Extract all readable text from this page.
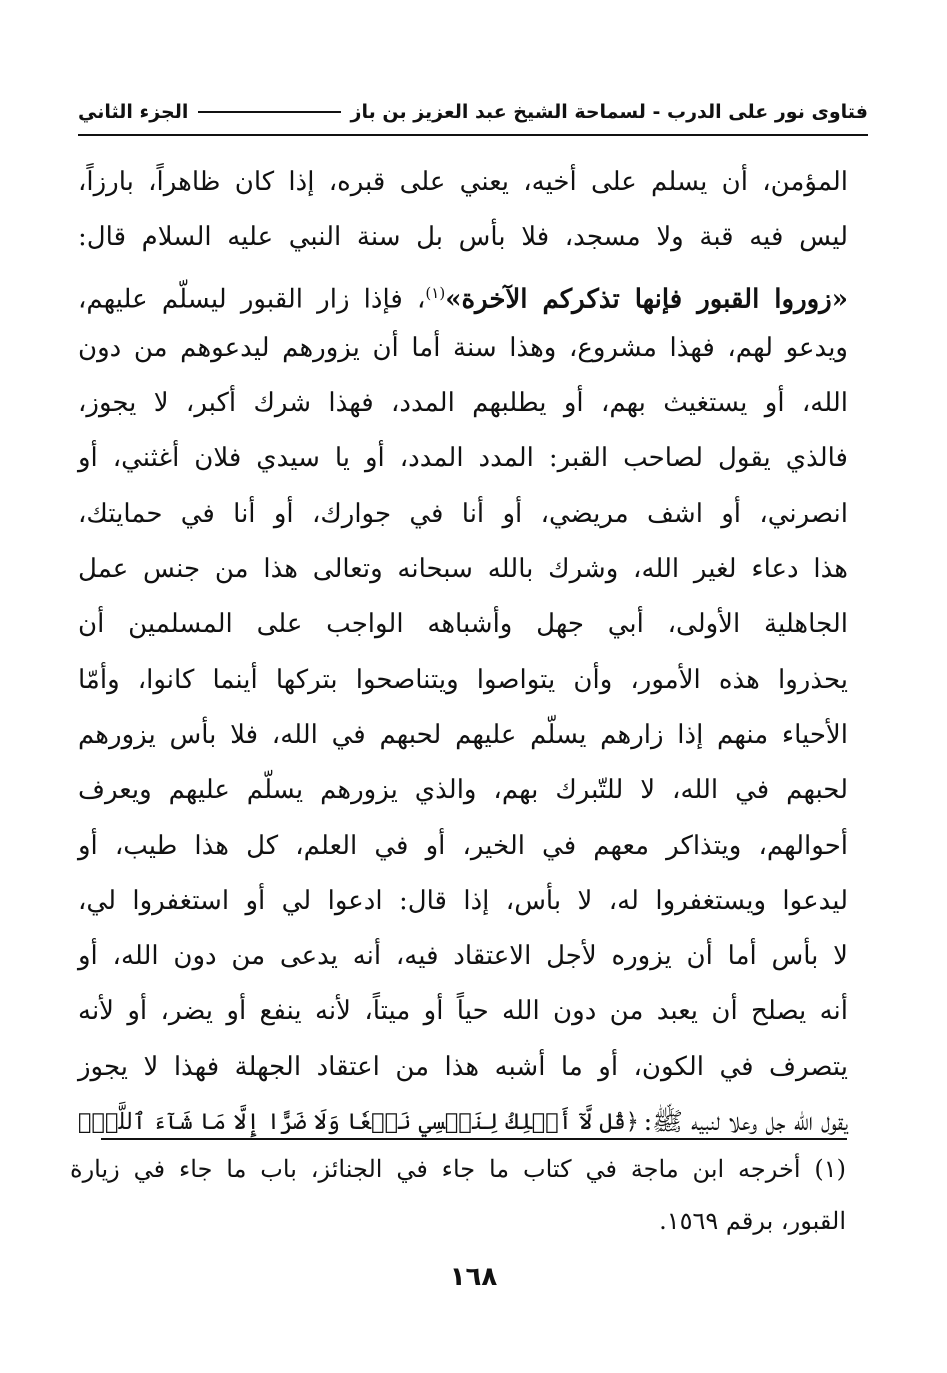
فتاوى نور على الدرب - لسماحة الشيخ عبد العزيز بن باز
الجزء الثاني
المؤمن، أن يسلم على أخيه، يعني على قبره، إذا كان ظاهراً، بارزاً،
ليس فيه قبة ولا مسجد، فلا بأس بل سنة النبي عليه السلام قال:
«زوروا القبور فإنها تذكركم الآخرة»$^{(١)}$، فإذا زار القبور ليسلّم عليهم،
ويدعو لهم، فهذا مشروع، وهذا سنة أما أن يزورهم ليدعوهم من دون
الله، أو يستغيث بهم، أو يطلبهم المدد، فهذا شرك أكبر، لا يجوز،
فالذي يقول لصاحب القبر: المدد المدد، أو يا سيدي فلان أغثني، أو
انصرني، أو اشف مريضي، أو أنا في جوارك، أو أنا في حمايتك،
هذا دعاء لغير الله، وشرك بالله سبحانه وتعالى هذا من جنس عمل
الجاهلية الأولى، أبي جهل وأشباهه الواجب على المسلمين أن
يحذروا هذه الأمور، وأن يتواصوا ويتناصحوا بتركها أينما كانوا، وأمّا
الأحياء منهم إذا زارهم يسلّم عليهم لحبهم في الله، فلا بأس يزورهم
لحبهم في الله، لا للتّبرك بهم، والذي يزورهم يسلّم عليهم ويعرف
أحوالهم، ويتذاكر معهم في الخير، أو في العلم، كل هذا طيب، أو
ليدعوا ويستغفروا له، لا بأس، إذا قال: ادعوا لي أو استغفروا لي،
لا بأس أما أن يزوره لأجل الاعتقاد فيه، أنه يدعى من دون الله، أو
أنه يصلح أن يعبد من دون الله حياً أو ميتاً، لأنه ينفع أو يضر، أو لأنه
يتصرف في الكون، أو ما أشبه هذا من اعتقاد الجهلة فهذا لا يجوز
يقول الله جل وعلا لنبيه ﷺ:
﴿قُل لَّآ أَمۡلِكُ لِنَفۡسِي نَفۡعٗا وَلَا ضَرًّا إِلَّا مَا شَآءَ ٱللَّهُۚ
(١) أخرجه ابن ماجة في كتاب ما جاء في الجنائز، باب ما جاء في زيارة
القبور، برقم ١٥٦٩.
١٦٨
